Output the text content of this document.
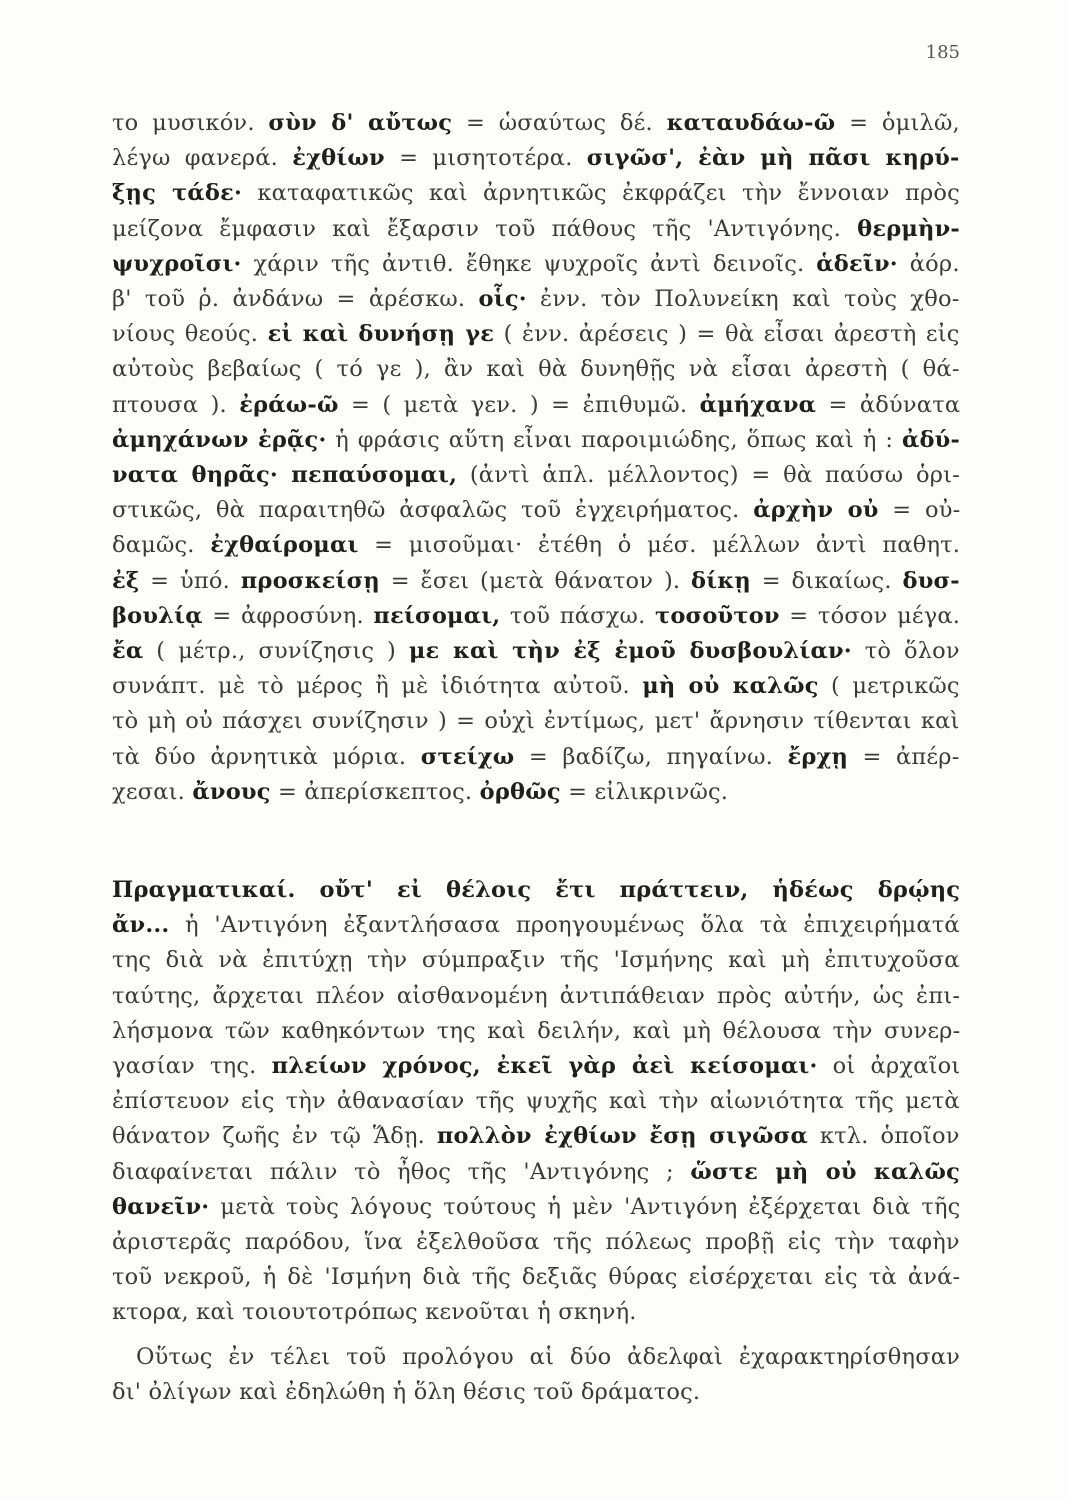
185
το μυσικόν. σὺν δ' αὔτως = ὡσαύτως δέ. καταυδάω-ῶ = ὁμιλῶ,
λέγω φανερά. ἐχθίων = μισητοτέρα. σιγῶσ', ἐὰν μὴ πᾶσι κηρύ-
ξῃς τάδε· καταφατικῶς καὶ ἀρνητικῶς ἐκφράζει τὴν ἔννοιαν πρὸς
μείζονα ἔμφασιν καὶ ἔξαρσιν τοῦ πάθους τῆς 'Αντιγόνης. θερμὴν-
ψυχροῖσι· χάριν τῆς ἀντιθ. ἔθηκε ψυχροῖς ἀντὶ δεινοῖς. ἁδεῖν· ἀόρ.
β' τοῦ ῥ. ἀνδάνω = ἀρέσκω. οἷς· ἐνν. τὸν Πολυνείκη καὶ τοὺς χθο-
νίους θεούς. εἰ καὶ δυνήσῃ γε ( ἐνν. ἀρέσεις ) = θὰ εἶσαι ἀρεστὴ εἰς
αὐτοὺς βεβαίως ( τό γε ), ἂν καὶ θὰ δυνηθῇς νὰ εἶσαι ἀρεστὴ ( θά-
πτουσα ). ἐράω-ῶ = ( μετὰ γεν. ) = ἐπιθυμῶ. ἀμήχανα = ἀδύνατα
ἀμηχάνων ἐρᾷς· ἡ φράσις αὕτη εἶναι παροιμιώδης, ὅπως καὶ ἡ : ἀδύ-
νατα θηρᾶς· πεπαύσομαι, (ἀντὶ ἁπλ. μέλλοντος) = θὰ παύσω ὁρι-
στικῶς, θὰ παραιτηθῶ ἀσφαλῶς τοῦ ἐγχειρήματος. ἀρχὴν οὐ = οὐ-
δαμῶς. ἐχθαίρομαι = μισοῦμαι· ἐτέθη ὁ μέσ. μέλλων ἀντὶ παθητ.
ἐξ = ὑπό. προσκείσῃ = ἔσει (μετὰ θάνατον ). δίκῃ = δικαίως. δυσ-
βουλίᾳ = ἀφροσύνη. πείσομαι, τοῦ πάσχω. τοσοῦτον = τόσον μέγα.
ἔα ( μέτρ., συνίζησις ) με καὶ τὴν ἐξ ἐμοῦ δυσβουλίαν· τὸ ὅλον
συνάπτ. μὲ τὸ μέρος ἢ μὲ ἰδιότητα αὐτοῦ. μὴ οὐ καλῶς ( μετρικῶς
τὸ μὴ οὐ πάσχει συνίζησιν ) = οὐχὶ ἐντίμως, μετ' ἄρνησιν τίθενται καὶ
τὰ δύο ἀρνητικὰ μόρια. στείχω = βαδίζω, πηγαίνω. ἔρχῃ = ἀπέρ-
χεσαι. ἄνους = ἀπερίσκεπτος. ὀρθῶς = εἰλικρινῶς.
Πραγματικαί. οὔτ' εἰ θέλοις ἔτι πράττειν, ἡδέως δρῴης
ἄν... ἡ 'Αντιγόνη ἐξαντλήσασα προηγουμένως ὅλα τὰ ἐπιχειρήματά
της διὰ νὰ ἐπιτύχῃ τὴν σύμπραξιν τῆς 'Ισμήνης καὶ μὴ ἐπιτυχοῦσα
ταύτης, ἄρχεται πλέον αἰσθανομένη ἀντιπάθειαν πρὸς αὐτήν, ὡς ἐπι-
λήσμονα τῶν καθηκόντων της καὶ δειλήν, καὶ μὴ θέλουσα τὴν συνερ-
γασίαν της. πλείων χρόνος, ἐκεῖ γὰρ ἀεὶ κείσομαι· οἱ ἀρχαῖοι
ἐπίστευον εἰς τὴν ἀθανασίαν τῆς ψυχῆς καὶ τὴν αἰωνιότητα τῆς μετὰ
θάνατον ζωῆς ἐν τῷ Ἅδῃ. πολλὸν ἐχθίων ἔσῃ σιγῶσα κτλ. ὁποῖον
διαφαίνεται πάλιν τὸ ἦθος τῆς 'Αντιγόνης ; ὥστε μὴ οὐ καλῶς
θανεῖν· μετὰ τοὺς λόγους τούτους ἡ μὲν 'Αντιγόνη ἐξέρχεται διὰ τῆς
ἀριστερᾶς παρόδου, ἵνα ἐξελθοῦσα τῆς πόλεως προβῇ εἰς τὴν ταφὴν
τοῦ νεκροῦ, ἡ δὲ 'Ισμήνη διὰ τῆς δεξιᾶς θύρας εἰσέρχεται εἰς τὰ ἀνά-
κτορα, καὶ τοιουτοτρόπως κενοῦται ἡ σκηνή.
Οὕτως ἐν τέλει τοῦ προλόγου αἱ δύο ἀδελφαὶ ἐχαρακτηρίσθησαν
δι' ὀλίγων καὶ ἐδηλώθη ἡ ὅλη θέσις τοῦ δράματος.
